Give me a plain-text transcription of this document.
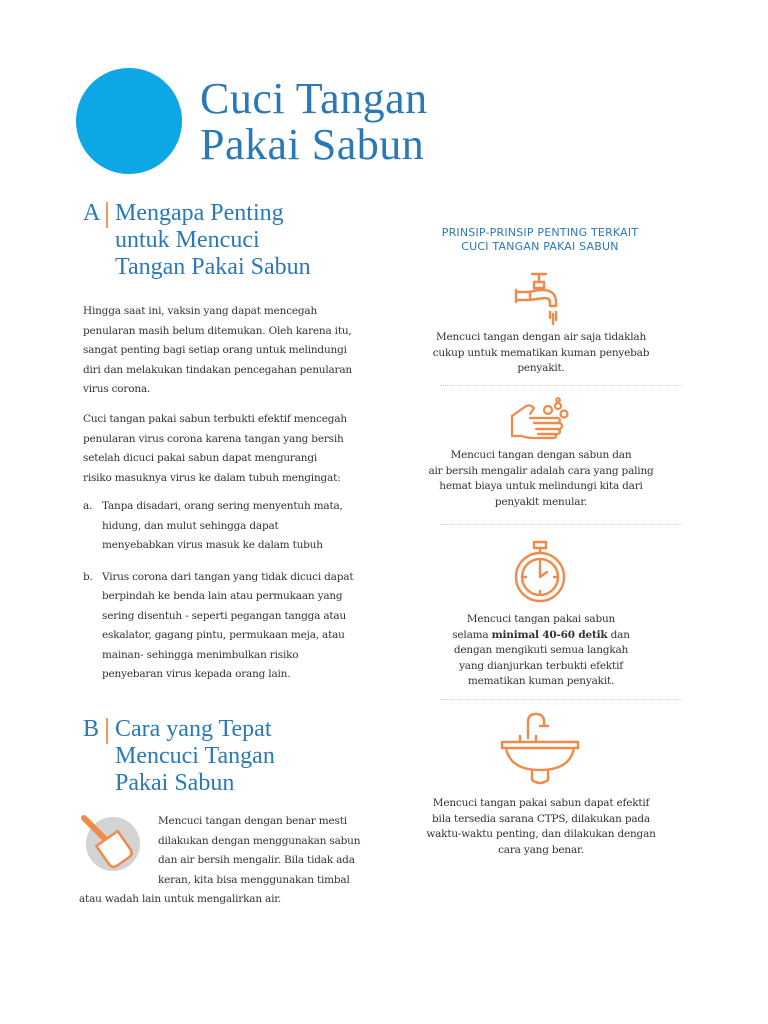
Cuci Tangan
Pakai Sabun
A Mengapa Penting
untuk Mencuci
Tangan Pakai Sabun
Hingga saat ini, vaksin yang dapat mencegah
penularan masih belum ditemukan. Oleh karena itu,
sangat penting bagi setiap orang untuk melindungi
diri dan melakukan tindakan pencegahan penularan
virus corona.
Cuci tangan pakai sabun terbukti efektif mencegah
penularan virus corona karena tangan yang bersih
setelah dicuci pakai sabun dapat mengurangi
risiko masuknya virus ke dalam tubuh mengingat:
a. Tanpa disadari, orang sering menyentuh mata,
hidung, dan mulut sehingga dapat
menyebabkan virus masuk ke dalam tubuh
b. Virus corona dari tangan yang tidak dicuci dapat
berpindah ke benda lain atau permukaan yang
sering disentuh - seperti pegangan tangga atau
eskalator, gagang pintu, permukaan meja, atau
mainan- sehingga menimbulkan risiko
penyebaran virus kepada orang lain.
B Cara yang Tepat
Mencuci Tangan
Pakai Sabun
Mencuci tangan dengan benar mesti
dilakukan dengan menggunakan sabun
dan air bersih mengalir. Bila tidak ada
keran, kita bisa menggunakan timbal
atau wadah lain untuk mengalirkan air.
PRINSIP-PRINSIP PENTING TERKAIT
CUCI TANGAN PAKAI SABUN
Mencuci tangan dengan air saja tidaklah
cukup untuk mematikan kuman penyebab
penyakit.
Mencuci tangan dengan sabun dan
air bersih mengalir adalah cara yang paling
hemat biaya untuk melindungi kita dari
penyakit menular.
Mencuci tangan pakai sabun
selama minimal 40-60 detik dan
dengan mengikuti semua langkah
yang dianjurkan terbukti efektif
mematikan kuman penyakit.
Mencuci tangan pakai sabun dapat efektif
bila tersedia sarana CTPS, dilakukan pada
waktu-waktu penting, dan dilakukan dengan
cara yang benar.
